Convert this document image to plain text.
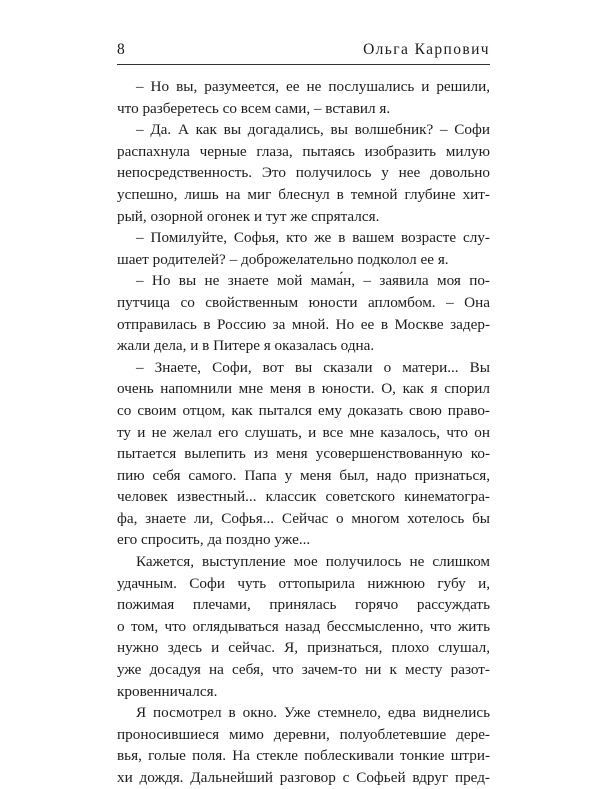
8	Ольга Карпович
– Но вы, разумеется, ее не послушались и решили,
что разберетесь со всем сами, – вставил я.
– Да. А как вы догадались, вы волшебник? – Софи
распахнула черные глаза, пытаясь изобразить милую
непосредственность. Это получилось у нее довольно
успешно, лишь на миг блеснул в темной глубине хит-
рый, озорной огонек и тут же спрятался.
– Помилуйте, Софья, кто же в вашем возрасте слу-
шает родителей? – доброжелательно подколол ее я.
– Но вы не знаете мой мама́н, – заявила моя по-
путчица со свойственным юности апломбом. – Она
отправилась в Россию за мной. Но ее в Москве задер-
жали дела, и в Питере я оказалась одна.
– Знаете, Софи, вот вы сказали о матери... Вы
очень напомнили мне меня в юности. О, как я спорил
со своим отцом, как пытался ему доказать свою право-
ту и не желал его слушать, и все мне казалось, что он
пытается вылепить из меня усовершенствованную ко-
пию себя самого. Папа у меня был, надо признаться,
человек известный... классик советского кинематогра-
фа, знаете ли, Софья... Сейчас о многом хотелось бы
его спросить, да поздно уже...
Кажется, выступление мое получилось не слишком
удачным. Софи чуть оттопырила нижнюю губу и,
пожимая плечами, принялась горячо рассуждать
о том, что оглядываться назад бессмысленно, что жить
нужно здесь и сейчас. Я, признаться, плохо слушал,
уже досадуя на себя, что зачем-то ни к месту разот-
кровенничался.
Я посмотрел в окно. Уже стемнело, едва виднелись
проносившиеся мимо деревни, полуоблетевшие дере-
вья, голые поля. На стекле поблескивали тонкие штри-
хи дождя. Дальнейший разговор с Софьей вдруг пред-
